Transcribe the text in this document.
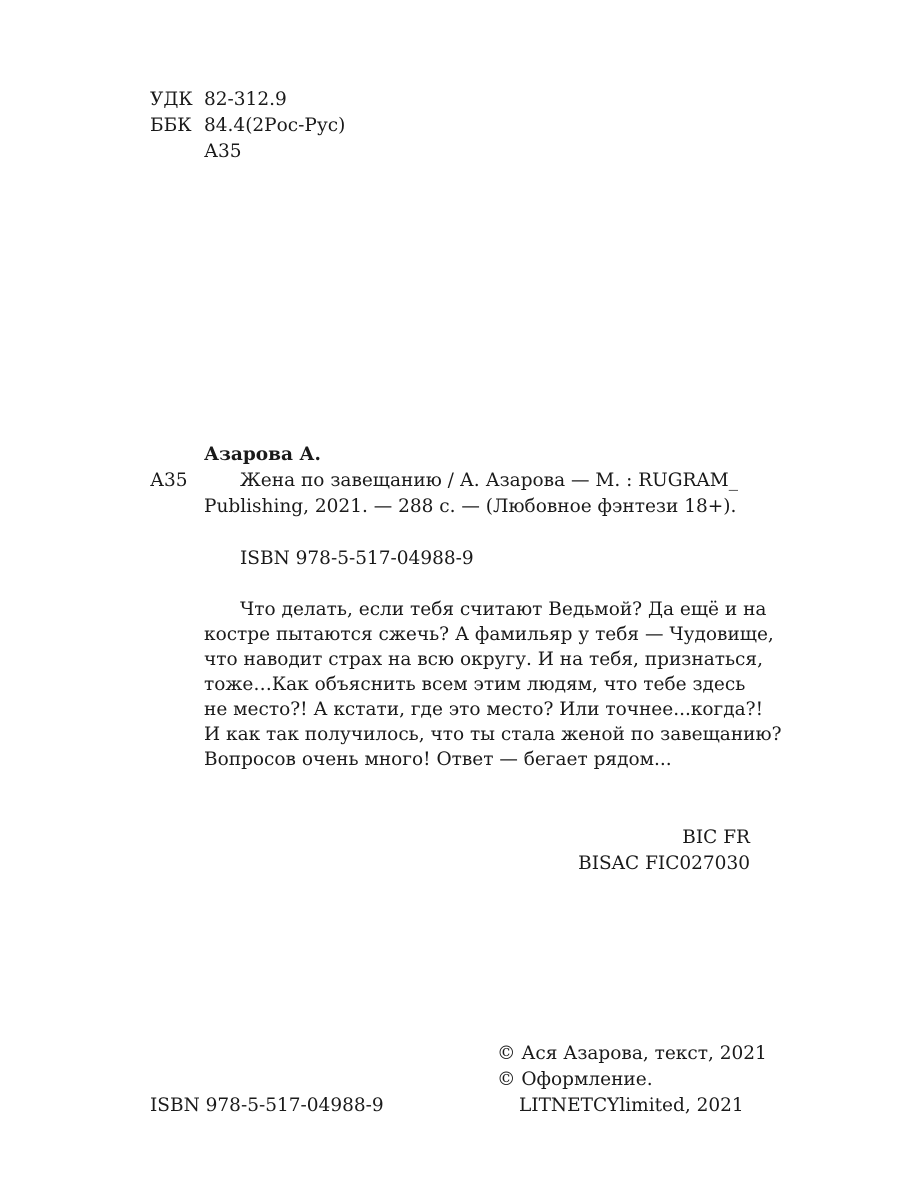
УДК 82-312.9
ББК 84.4(2Рос-Рус)
А35
Азарова А.
А35	Жена по завещанию / А. Азарова — М. : RUGRAM_
Publishing, 2021. — 288 с. — (Любовное фэнтези 18+).
ISBN 978-5-517-04988-9

Что делать, если тебя считают Ведьмой? Да ещё и на

костре пытаются сжечь? А фамильяр у тебя — Чудовище,

что наводит страх на всю округу. И на тебя, признаться,

тоже…Как объяснить всем этим людям, что тебе здесь

не место?! А кстати, где это место? Или точнее...когда?!

И как так получилось, что ты стала женой по завещанию?

Вопросов очень много! Ответ — бегает рядом...

BIC FR
BISAC FIC027030
ISBN 978-5-517-04988-9
© Ася Азарова, текст, 2021
© Оформление.
LITNETCYlimited, 2021
